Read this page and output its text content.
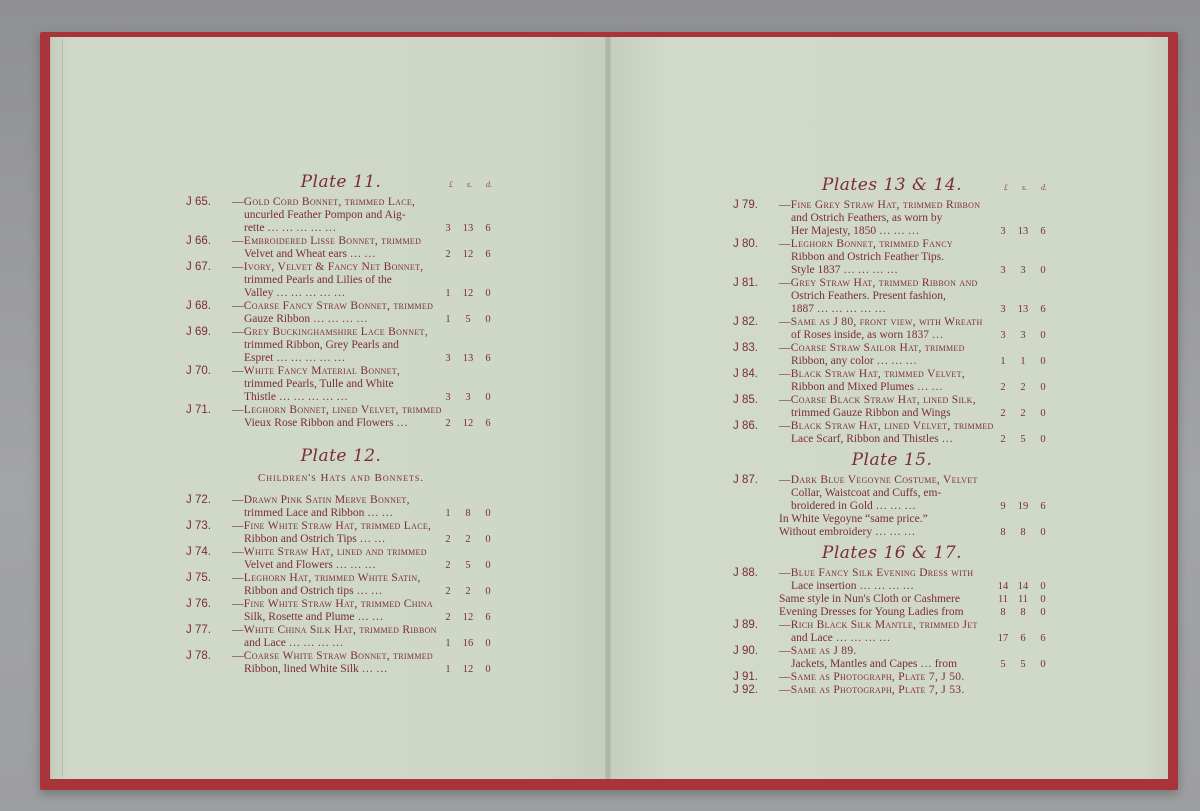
Plate 11.	£ s. d.
J 65.	—Gold Cord Bonnet, trimmed Lace,
uncurled Feather Pompon and Aig-
rette … … … … …	3	13	6
J 66.	—Embroidered Lisse Bonnet, trimmed
Velvet and Wheat ears … …	2	12	6
J 67.	—Ivory, Velvet & Fancy Net Bonnet,
trimmed Pearls and Lilies of the
Valley … … … … …	1	12	0
J 68.	—Coarse Fancy Straw Bonnet, trimmed
Gauze Ribbon … … … …	1	5	0
J 69.	—Grey Buckinghamshire Lace Bonnet,
trimmed Ribbon, Grey Pearls and
Espret … … … … …	3	13	6
J 70.	—White Fancy Material Bonnet,
trimmed Pearls, Tulle and White
Thistle … … … … …	3	3	0
J 71.	—Leghorn Bonnet, lined Velvet, trimmed
Vieux Rose Ribbon and Flowers …	2	12	6
Plate 12.
Children's Hats and Bonnets.
J 72.	—Drawn Pink Satin Merve Bonnet,
trimmed Lace and Ribbon … …	1	8	0
J 73.	—Fine White Straw Hat, trimmed Lace,
Ribbon and Ostrich Tips … …	2	2	0
J 74.	—White Straw Hat, lined and trimmed
Velvet and Flowers … … …	2	5	0
J 75.	—Leghorn Hat, trimmed White Satin,
Ribbon and Ostrich tips … …	2	2	0
J 76.	—Fine White Straw Hat, trimmed China
Silk, Rosette and Plume … …	2	12	6
J 77.	—White China Silk Hat, trimmed Ribbon
and Lace … … … …	1	16	0
J 78.	—Coarse White Straw Bonnet, trimmed
Ribbon, lined White Silk … …	1	12	0
Plates 13 & 14.	£ s. d.
J 79.	—Fine Grey Straw Hat, trimmed Ribbon
and Ostrich Feathers, as worn by
Her Majesty, 1850 … … …	3	13	6
J 80.	—Leghorn Bonnet, trimmed Fancy
Ribbon and Ostrich Feather Tips.
Style 1837 … … … …	3	3	0
J 81.	—Grey Straw Hat, trimmed Ribbon and
Ostrich Feathers. Present fashion,
1887 … … … … …	3	13	6
J 82.	—Same as J 80, front view, with Wreath
of Roses inside, as worn 1837 …	3	3	0
J 83.	—Coarse Straw Sailor Hat, trimmed
Ribbon, any color … … …	1	1	0
J 84.	—Black Straw Hat, trimmed Velvet,
Ribbon and Mixed Plumes … …	2	2	0
J 85.	—Coarse Black Straw Hat, lined Silk,
trimmed Gauze Ribbon and Wings	2	2	0
J 86.	—Black Straw Hat, lined Velvet, trimmed
Lace Scarf, Ribbon and Thistles …	2	5	0
Plate 15.
J 87.	—Dark Blue Vegoyne Costume, Velvet
Collar, Waistcoat and Cuffs, em-
broidered in Gold … … …	9	19	6
In White Vegoyne “same price.”
Without embroidery … … …	8	8	0
Plates 16 & 17.
J 88.	—Blue Fancy Silk Evening Dress with
Lace insertion … … … …	14 14	0
Same style in Nun's Cloth or Cashmere	11 11	0
Evening Dresses for Young Ladies from	8	8	0
J 89.	—Rich Black Silk Mantle, trimmed Jet
and Lace … … … …	17	6	6
J 90.	—Same as J 89.
Jackets, Mantles and Capes … from	5	5	0
J 91.	—Same as Photograph, Plate 7, J 50.
J 92.	—Same as Photograph, Plate 7, J 53.
